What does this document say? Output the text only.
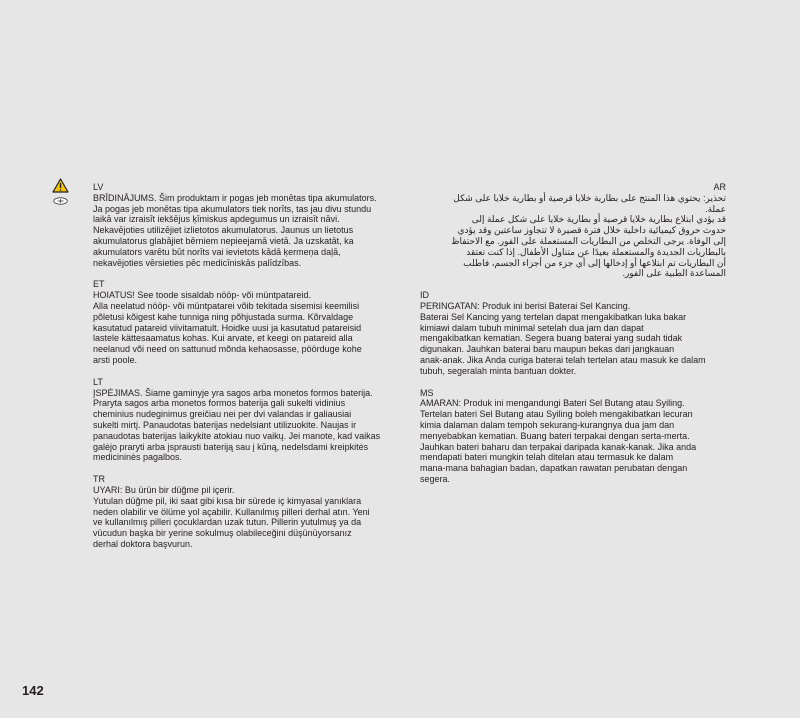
LV
BRĪDINĀJUMS. Šim produktam ir pogas jeb monētas tipa akumulators.
Ja pogas jeb monētas tipa akumulators tiek norīts, tas jau divu stundu
laikā var izraisīt iekšējus ķīmiskus apdegumus un izraisīt nāvi.
Nekavējoties utilizējiet izlietotos akumulatorus. Jaunus un lietotus
akumulatorus glabājiet bērniem nepieejamā vietā. Ja uzskatāt, ka
akumulators varētu būt norīts vai ievietots kādā ķermeņa daļā,
nekavējoties vērsieties pēc medicīniskās palīdzības.
ET
HOIATUS! See toode sisaldab nööp- või müntpatareid.
Alla neelatud nööp- või müntpatarei võib tekitada sisemisi keemilisi
põletusi kõigest kahe tunniga ning põhjustada surma. Kõrvaldage
kasutatud patareid viivitamatult. Hoidke uusi ja kasutatud patareisid
lastele kättesaamatus kohas. Kui arvate, et keegi on patareid alla
neelanud või need on sattunud mõnda kehaosasse, pöörduge kohe
arsti poole.
LT
ĮSPĖJIMAS. Šiame gaminyje yra sagos arba monetos formos baterija.
Praryta sagos arba monetos formos baterija gali sukelti vidinius
cheminius nudeginimus greičiau nei per dvi valandas ir galiausiai
sukelti mirtį. Panaudotas baterijas nedelsiant utilizuokite. Naujas ir
panaudotas baterijas laikykite atokiau nuo vaikų. Jei manote, kad vaikas
galėjo praryti arba įsprausti bateriją sau į kūną, nedelsdami kreipkitės
medicininės pagalbos.
TR
UYARI: Bu ürün bir düğme pil içerir.
Yutulan düğme pil, iki saat gibi kısa bir sürede iç kimyasal yanıklara
neden olabilir ve ölüme yol açabilir. Kullanılmış pilleri derhal atın. Yeni
ve kullanılmış pilleri çocuklardan uzak tutun. Pillerin yutulmuş ya da
vücudun başka bir yerine sokulmuş olabileceğini düşünüyorsanız
derhal doktora başvurun.
AR
تحذير: يحتوي هذا المنتج على بطارية خلايا قرصية أو بطارية خلايا على شكل
عملة.
قد يؤدي ابتلاع بطارية خلايا قرصية أو بطارية خلايا على شكل عملة إلى
حدوث حروق كيميائية داخلية خلال فترة قصيرة لا تتجاوز ساعتين وقد يؤدي
إلى الوفاة. يرجى التخلص من البطاريات المستعملة على الفور. مع الاحتفاظ
بالبطاريات الجديدة والمستعملة بعيدًا عن متناول الأطفال. إذا كنت تعتقد
أن البطاريات تم ابتلاعها أو إدخالها إلى أي جزء من أجزاء الجسم، فاطلب
المساعدة الطبية على الفور.
ID
PERINGATAN: Produk ini berisi Baterai Sel Kancing.
Baterai Sel Kancing yang tertelan dapat mengakibatkan luka bakar
kimiawi dalam tubuh minimal setelah dua jam dan dapat
mengakibatkan kematian. Segera buang baterai yang sudah tidak
digunakan. Jauhkan baterai baru maupun bekas dari jangkauan
anak-anak. Jika Anda curiga baterai telah tertelan atau masuk ke dalam
tubuh, segeralah minta bantuan dokter.
MS
AMARAN: Produk ini mengandungi Bateri Sel Butang atau Syiling.
Tertelan bateri Sel Butang atau Syiling boleh mengakibatkan lecuran
kimia dalaman dalam tempoh sekurang-kurangnya dua jam dan
menyebabkan kematian. Buang bateri terpakai dengan serta-merta.
Jauhkan bateri baharu dan terpakai daripada kanak-kanak. Jika anda
mendapati bateri mungkin telah ditelan atau termasuk ke dalam
mana-mana bahagian badan, dapatkan rawatan perubatan dengan
segera.
142
